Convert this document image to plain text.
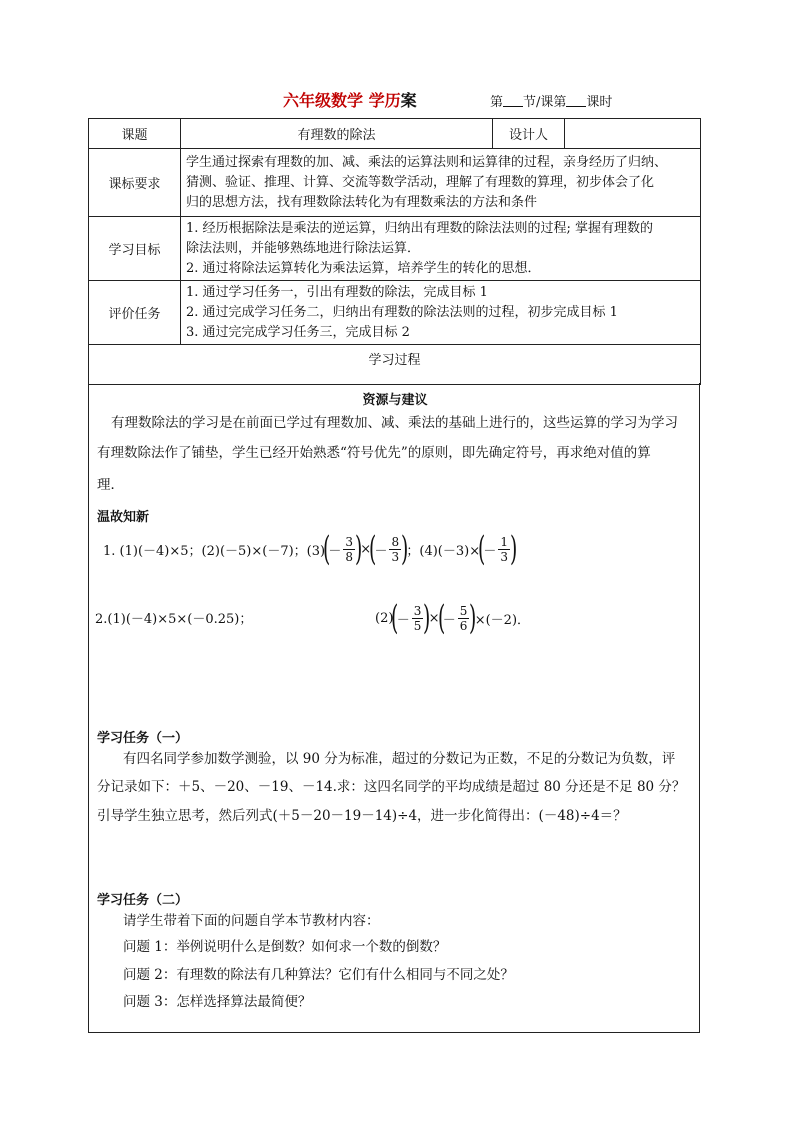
六年级数学 学历案	第 节/课第 课时
课题	有理数的除法	设计人	
课标要求	学生通过探索有理数的加、减、乘法的运算法则和运算律的过程，亲身经历了归纳、
猜测、验证、推理、计算、交流等数学活动，理解了有理数的算理，初步体会了化
归的思想方法，找有理数除法转化为有理数乘法的方法和条件		

学习目标	1. 经历根据除法是乘法的逆运算，归纳出有理数的除法法则的过程; 掌握有理数的
除法法则，并能够熟练地进行除法运算．
2. 通过将除法运算转化为乘法运算，培养学生的转化的思想．		

评价任务	1. 通过学习任务一，引出有理数的除法，完成目标 1
2. 通过完成学习任务二，归纳出有理数的除法法则的过程，初步完成目标 1
3. 通过完完成学习任务三，完成目标 2		

学习过程			
资源与建议
有理数除法的学习是在前面已学过有理数加、减、乘法的基础上进行的，这些运算的学习为学习
有理数除法作了铺垫，学生已经开始熟悉“符号优先”的原则，即先确定符号，再求绝对值的算
理．
温故知新
1. (1)(－4)×5；(2)(－5)×(－7)；(3)
(
－ $\frac{3}{8}$ )
×
(
－ $\frac{8}{3}$ )
；(4)(－3)×
(
－ $\frac{1}{3}$ )
2.(1)(－4)×5×(－0.25)；	(2)
(
－ $\frac{3}{5}$ )
×
(
－ $\frac{5}{6}$ )
×(－2)．
学习任务（一）
有四名同学参加数学测验，以 90 分为标准，超过的分数记为正数，不足的分数记为负数，评
分记录如下：＋5、－20、－19、－14.求：这四名同学的平均成绩是超过 80 分还是不足 80 分？
引导学生独立思考，然后列式(＋5－20－19－14)÷4，进一步化简得出：(－48)÷4＝？
学习任务（二）
请学生带着下面的问题自学本节教材内容：
问题 1：举例说明什么是倒数？如何求一个数的倒数？
问题 2：有理数的除法有几种算法？它们有什么相同与不同之处？
问题 3：怎样选择算法最简便？
